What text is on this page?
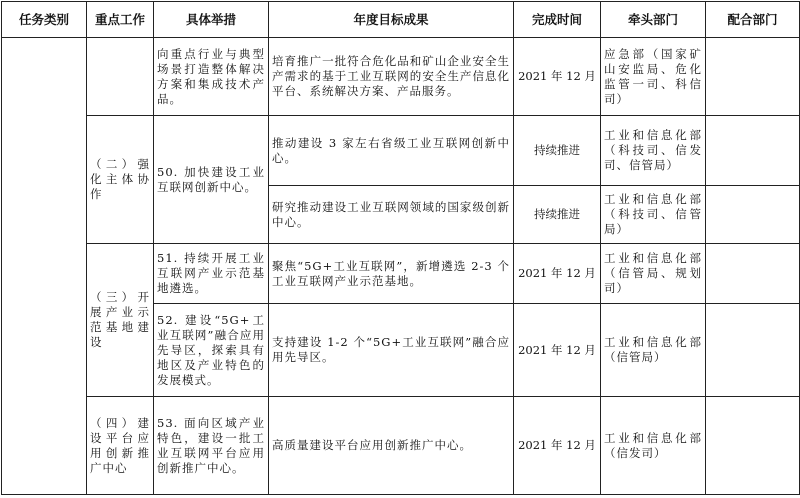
任务类别	重点工作	具体举措	年度目标成果	完成时间	牵头部门	配合部门
		向重点行业与典型场景打造整体解决方案和集成技术产品。	培育推广一批符合危化品和矿山企业安全生产需求的基于工业互联网的安全生产信息化平台、系统解决方案、产品服务。	2021 年 12 月	应急部（国家矿山安监局、危化监管一司、科信司）	
	（二）强化主体协作	50. 加快建设工业互联网创新中心。	推动建设 3 家左右省级工业互联网创新中心。	持续推进	工业和信息化部（科技司、信发司、信管局）	
			研究推动建设工业互联网领域的国家级创新中心。	持续推进	工业和信息化部（科技司、信管局）	
	（三）开展产业示范基地建设	51. 持续开展工业互联网产业示范基地遴选。	聚焦“5G+工业互联网”，新增遴选 2-3 个工业互联网产业示范基地。	2021 年 12 月	工业和信息化部（信管局、规划司）	
		52. 建设“5G+工业互联网”融合应用先导区，探索具有地区及产业特色的发展模式。	支持建设 1-2 个“5G+工业互联网”融合应用先导区。	2021 年 12 月	工业和信息化部（信管局）	
	（四）建设平台应用创新推广中心	53. 面向区域产业特色，建设一批工业互联网平台应用创新推广中心。	高质量建设平台应用创新推广中心。	2021 年 12 月	工业和信息化部（信发司）	
